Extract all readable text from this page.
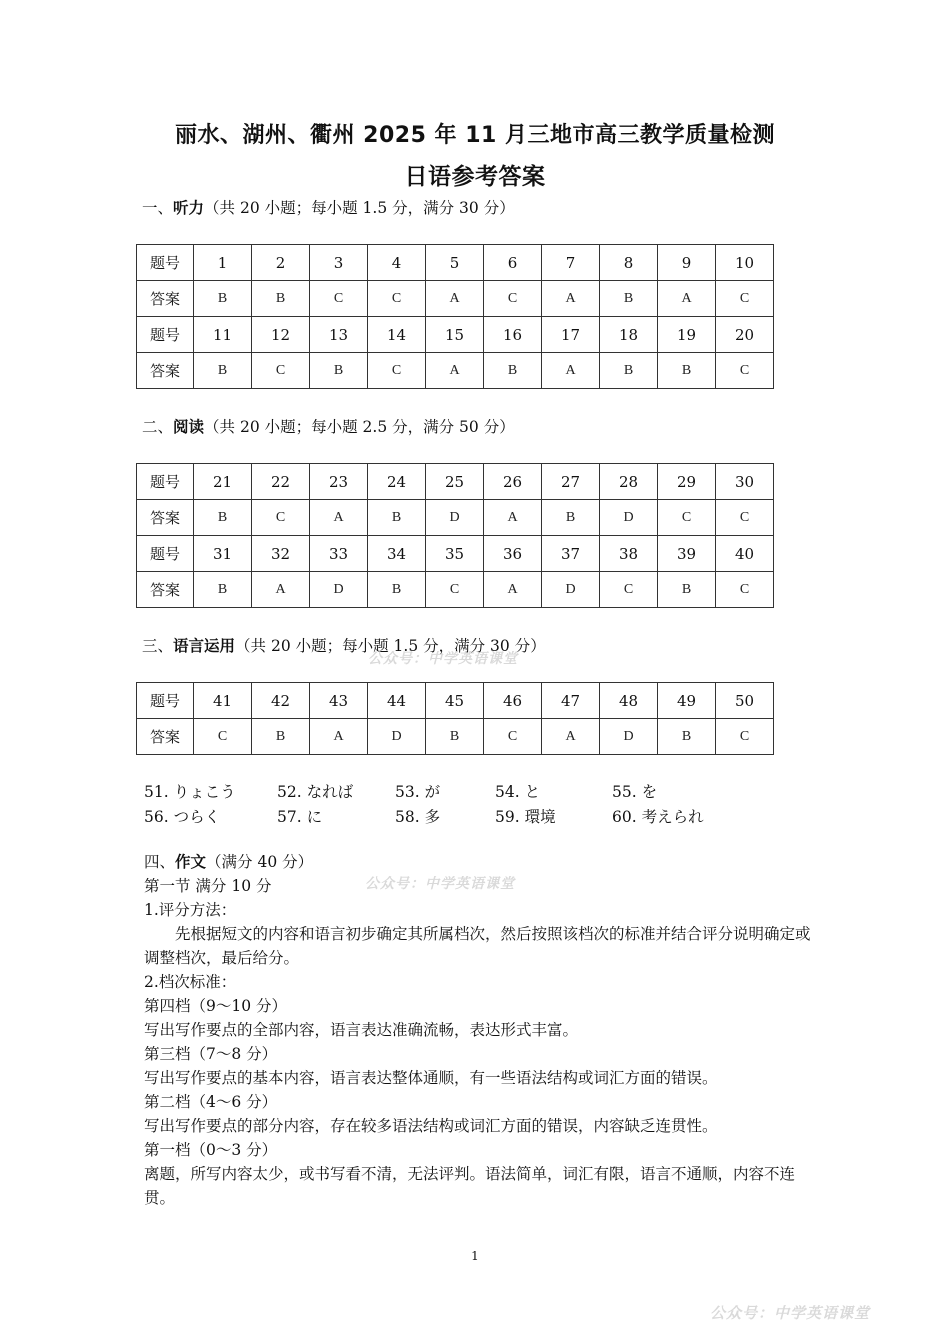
丽水、湖州、衢州 2025 年 11 月三地市高三教学质量检测
日语参考答案
一、听力（共 20 小题；每小题 1.5 分，满分 30 分）
题号	1	2	3	4	5	6	7	8	9	10
答案	B	B	C	C	A	C	A	B	A	C
题号	11	12	13	14	15	16	17	18	19	20
答案	B	C	B	C	A	B	A	B	B	C
二、阅读（共 20 小题；每小题 2.5 分，满分 50 分）
题号	21	22	23	24	25	26	27	28	29	30
答案	B	C	A	B	D	A	B	D	C	C
题号	31	32	33	34	35	36	37	38	39	40
答案	B	A	D	B	C	A	D	C	B	C
三、语言运用（共 20 小题；每小题 1.5 分，满分 30 分）
公众号：中学英语课堂
题号	41	42	43	44	45	46	47	48	49	50
答案	C	B	A	D	B	C	A	D	B	C
51. りょこう	52. なれば	53. が	54. と	55. を
56. つらく	57. に	58. 多	59. 環境	60. 考えられ

四、作文（满分 40 分）

第一节 满分 10 分

1.评分方法：

先根据短文的内容和语言初步确定其所属档次，然后按照该档次的标准并结合评分说明确定或调整档次，最后给分。

2.档次标准：

第四档（9～10 分）

写出写作要点的全部内容，语言表达准确流畅，表达形式丰富。

第三档（7～8 分）

写出写作要点的基本内容，语言表达整体通顺，有一些语法结构或词汇方面的错误。

第二档（4～6 分）

写出写作要点的部分内容，存在较多语法结构或词汇方面的错误，内容缺乏连贯性。

第一档（0～3 分）

离题，所写内容太少，或书写看不清，无法评判。语法简单，词汇有限，语言不通顺，内容不连贯。

公众号：中学英语课堂
1
公众号：中学英语课堂
